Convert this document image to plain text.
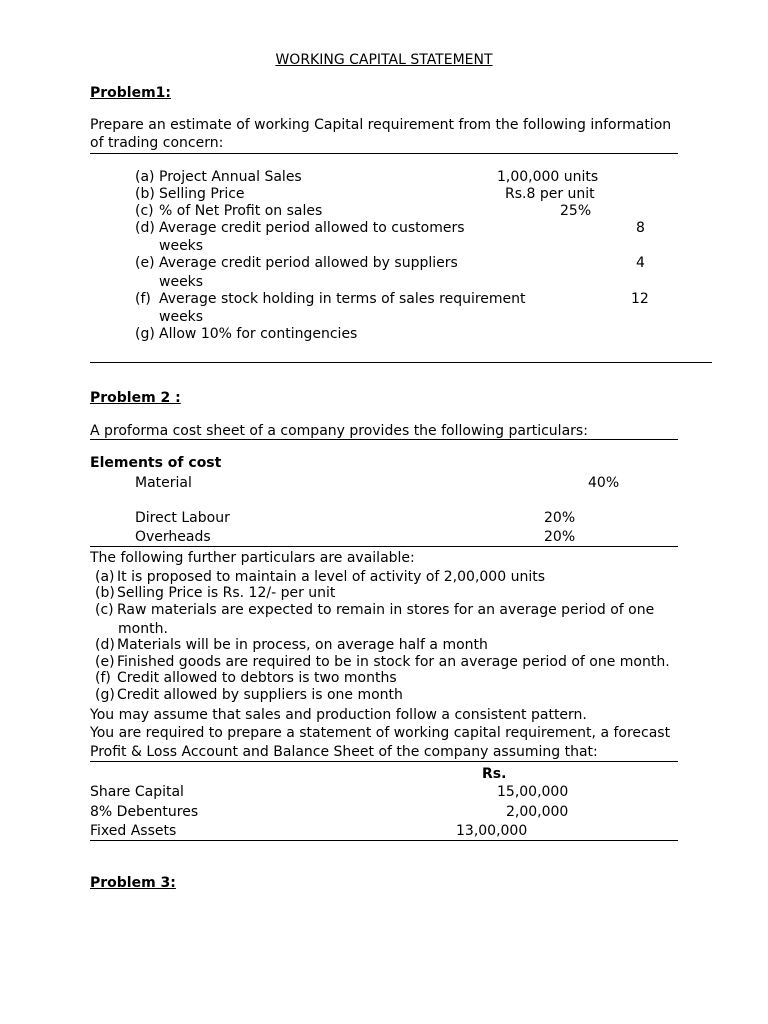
WORKING CAPITAL STATEMENT
Problem1:
Prepare an estimate of working Capital requirement from the following information
of trading concern:
(a) Project Annual Sales	1,00,000 units
(b) Selling Price	Rs.8 per unit
(c) % of Net Profit on sales	25%
(d) Average credit period allowed to customers	8
weeks
(e) Average credit period allowed by suppliers	4
weeks
(f) Average stock holding in terms of sales requirement	12
weeks
(g) Allow 10% for contingencies
Problem 2 :
A proforma cost sheet of a company provides the following particulars:
Elements of cost
Material	40%
Direct Labour	20%
Overheads	20%
The following further particulars are available:
(a) It is proposed to maintain a level of activity of 2,00,000 units
(b) Selling Price is Rs. 12/- per unit
(c) Raw materials are expected to remain in stores for an average period of one
month.
(d) Materials will be in process, on average half a month
(e) Finished goods are required to be in stock for an average period of one month.
(f) Credit allowed to debtors is two months
(g) Credit allowed by suppliers is one month
You may assume that sales and production follow a consistent pattern.
You are required to prepare a statement of working capital requirement, a forecast
Profit & Loss Account and Balance Sheet of the company assuming that:
Rs.
Share Capital	15,00,000
8% Debentures	2,00,000
Fixed Assets	13,00,000
Problem 3:
